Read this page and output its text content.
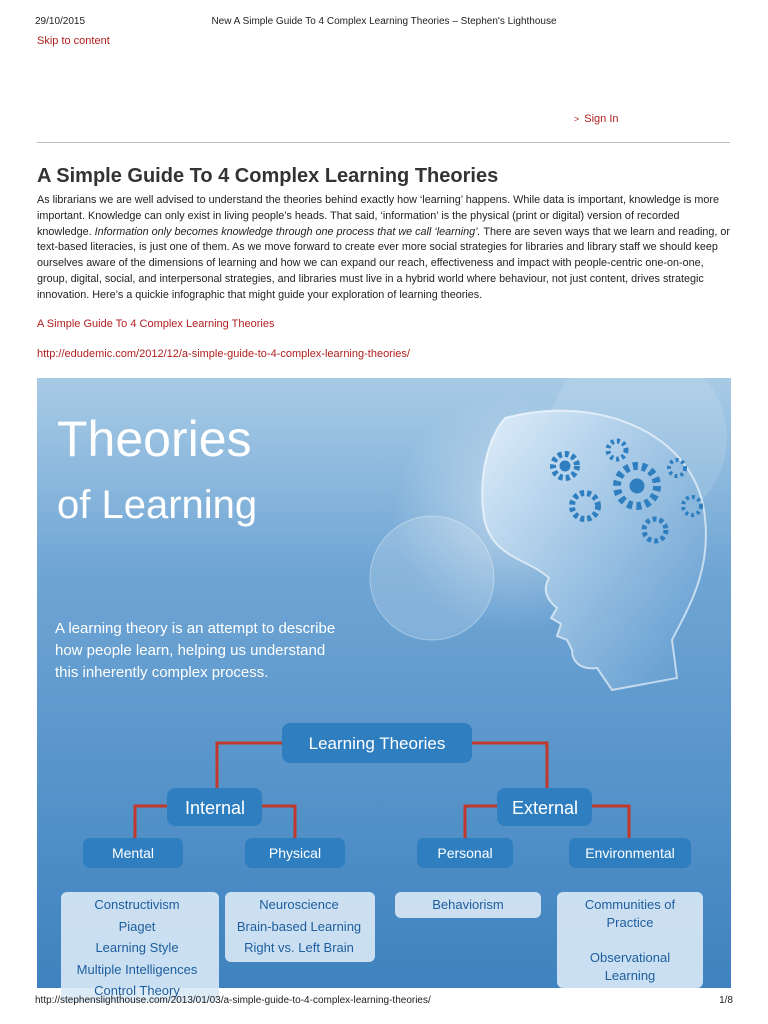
29/10/2015	New A Simple Guide To 4 Complex Learning Theories – Stephen's Lighthouse
Skip to content
> Sign In
A Simple Guide To 4 Complex Learning Theories

As librarians we are well advised to understand the theories behind exactly how ‘learning’ happens. While data is important, knowledge is more important. Knowledge can only exist in living people’s heads. That said, ‘information’ is the physical (print or digital) version of recorded knowledge. Information only becomes knowledge through one process that we call ‘learning’. There are seven ways that we learn and reading, or text-based literacies, is just one of them. As we move forward to create ever more social strategies for libraries and library staff we should keep ourselves aware of the dimensions of learning and how we can expand our reach, effectiveness and impact with people-centric one-on-one, group, digital, social, and interpersonal strategies, and libraries must live in a hybrid world where behaviour, not just content, drives strategic innovation. Here’s a quickie infographic that might guide your exploration of learning theories.

A Simple Guide To 4 Complex Learning Theories
http://edudemic.com/2012/12/a-simple-guide-to-4-complex-learning-theories/
Theories
of Learning
A learning theory is an attempt to describe
how people learn, helping us understand
this inherently complex process.
Learning Theories
Internal	External
Mental	Physical	Personal	Environmental
Constructivism
Piaget
Learning Style
Multiple Intelligences
Control Theory
Neuroscience
Brain-based Learning
Right vs. Left Brain
Behaviorism	Communities of
Practice
Observational
Learning
http://stephenslighthouse.com/2013/01/03/a-simple-guide-to-4-complex-learning-theories/	1/8
